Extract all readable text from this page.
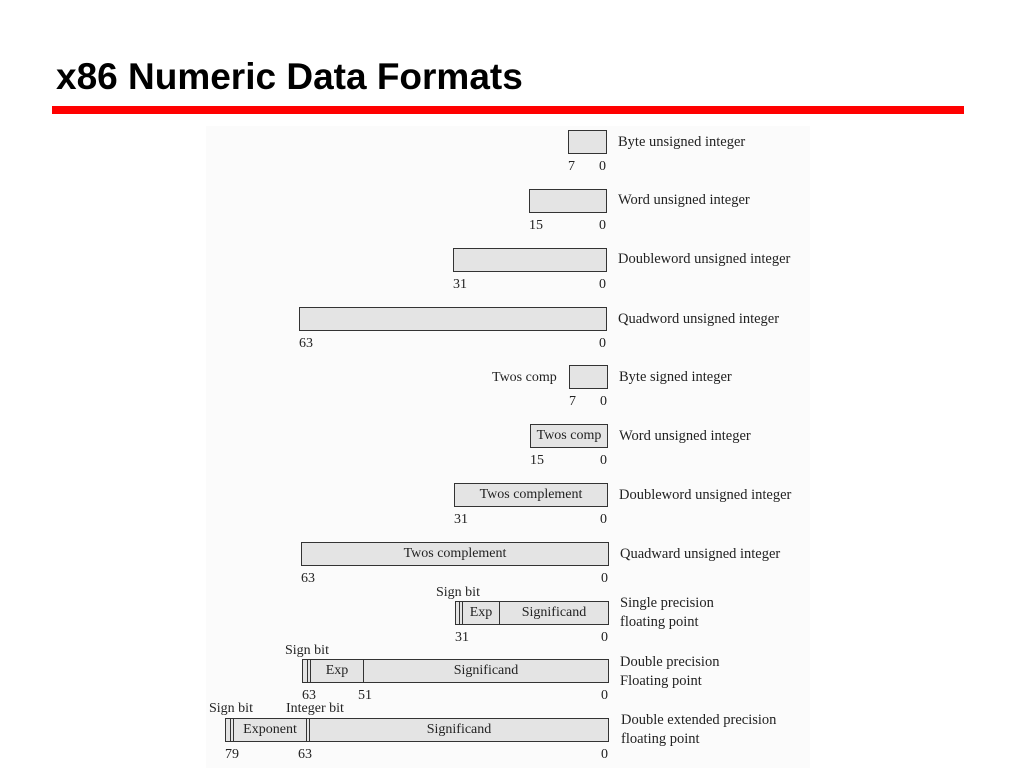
x86 Numeric Data Formats
7 0
Byte unsigned integer
15	0
Word unsigned integer
31	0
Doubleword unsigned integer
63	0
Quadword unsigned integer
Twos comp
7 0
Byte signed integer
Twos comp
15	0
Word unsigned integer
Twos complement
31	0
Doubleword unsigned integer
Twos complement
63	0
Quadward unsigned integer
Sign bit
Exp	Significand
31	0
Single precision
floating point
Sign bit
Exp	Significand
63	51	0
Double precision
Floating point
Sign bit Integer bit
Exponent	Significand
79	63	0
Double extended precision
floating point
